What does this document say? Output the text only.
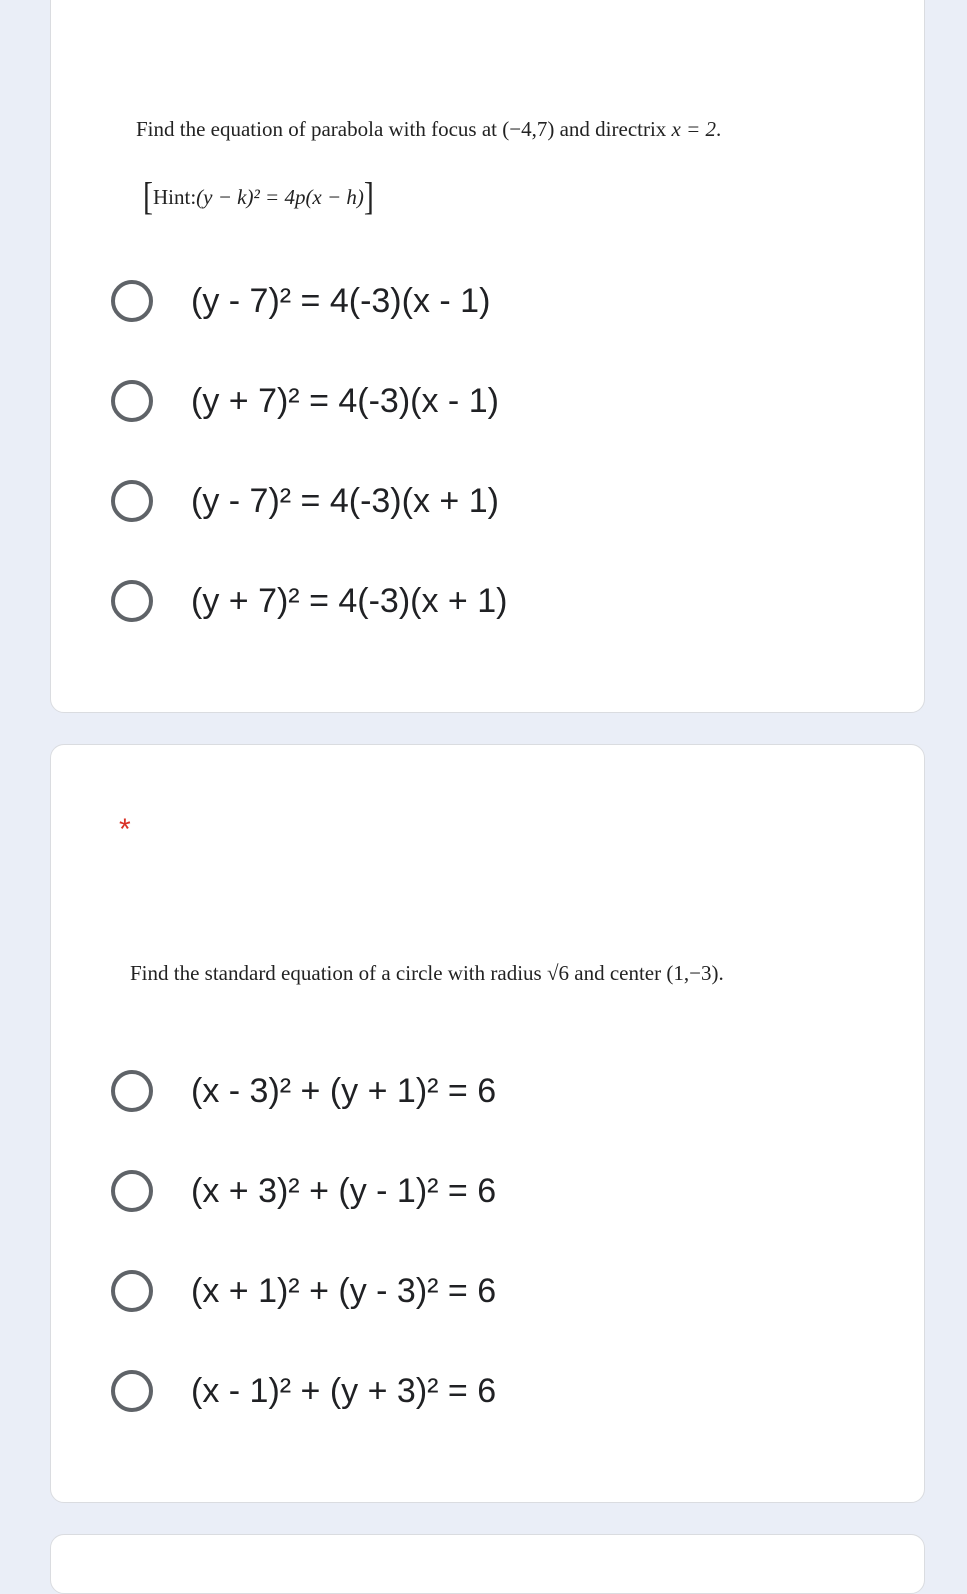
Find the equation of parabola with focus at (−4,7) and directrix x = 2.
[Hint:(y − k)² = 4p(x − h)]
(y - 7)² = 4(-3)(x - 1)
(y + 7)² = 4(-3)(x - 1)
(y - 7)² = 4(-3)(x + 1)
(y + 7)² = 4(-3)(x + 1)
*
Find the standard equation of a circle with radius √6 and center (1,−3).
(x - 3)² + (y + 1)² = 6
(x + 3)² + (y - 1)² = 6
(x + 1)² + (y - 3)² = 6
(x - 1)² + (y + 3)² = 6
